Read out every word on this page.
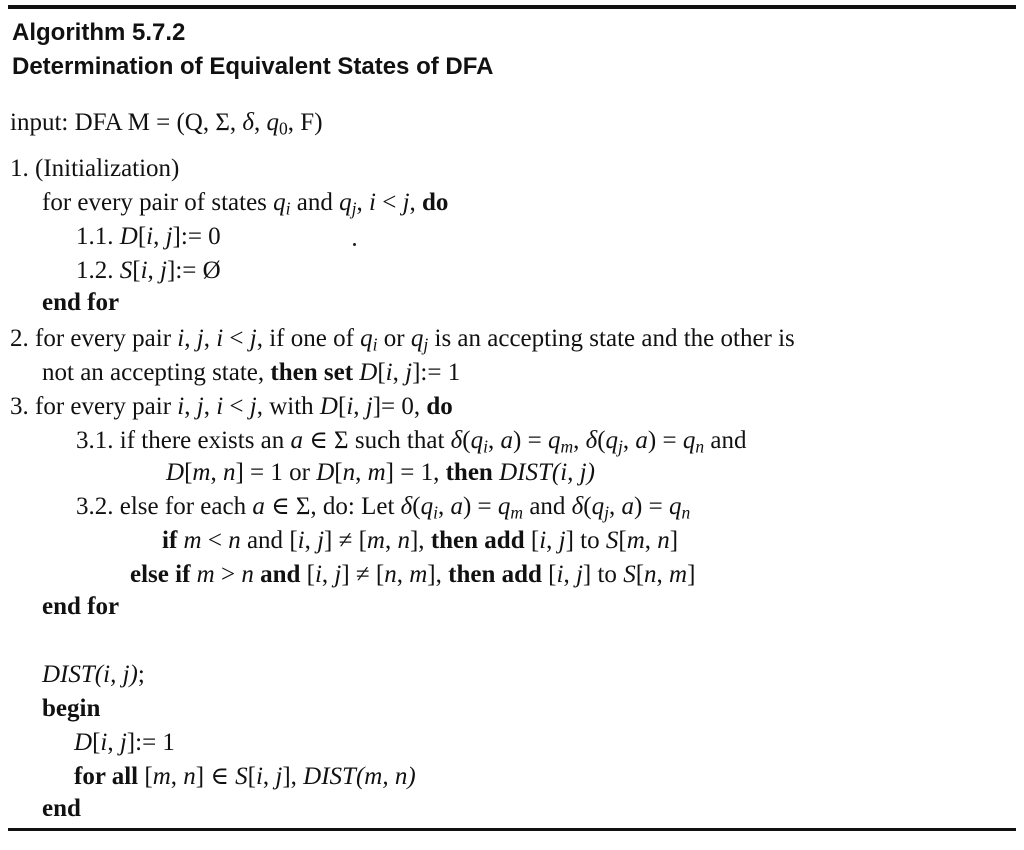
Algorithm 5.7.2
Determination of Equivalent States of DFA
input: DFA M = (Q, Σ, δ, $q_0$, F)
1. (Initialization)
for every pair of states $q_i$ and $q_j$, i < j, do
1.1. D[i, j]:= 0
1.2. S[i, j]:= Ø
end for
2. for every pair i, j, i < j, if one of $q_i$ or $q_j$ is an accepting state and the other is
not an accepting state, then set D[i, j]:= 1
3. for every pair i, j, i < j, with D[i, j]= 0, do
3.1. if there exists an a ∈ Σ such that $\delta(q_i$, $a) = q_m$, $\delta(q_j$, $a) = q_n$ and
D[m, n] = 1 or D[n, m] = 1, then DIST(i, j)
3.2. else for each a ∈ Σ, do: Let $\delta(q_i$, $a) = q_m$ and $\delta(q_j$, $a) = q_n$
if m < n and [i, j] ≠ [m, n], then add [i, j] to S[m, n]
else if m > n and [i, j] ≠ [n, m], then add [i, j] to S[n, m]
end for
DIST(i, j);
begin
D[i, j]:= 1
for all [m, n] ∈ S[i, j], DIST(m, n)
end
